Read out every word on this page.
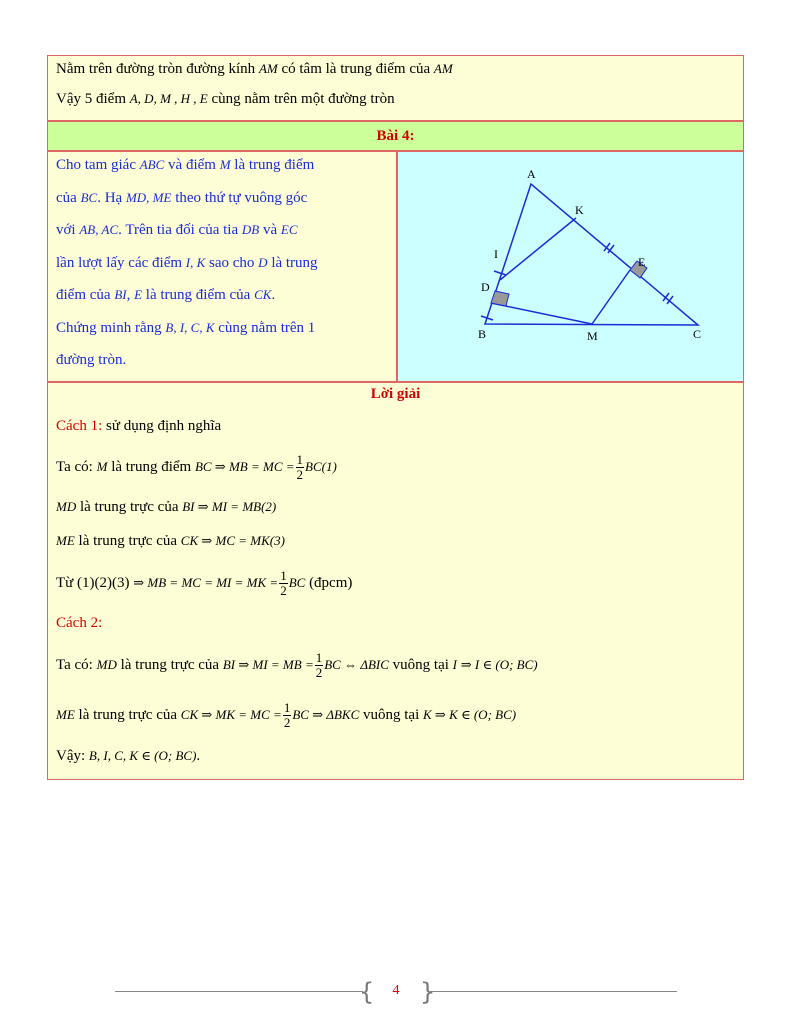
Nằm trên đường tròn đường kính AM có tâm là trung điểm của AM
Vậy 5 điểm A, D, M , H , E cùng nằm trên một đường tròn
Bài 4:
Cho tam giác ABC và điểm M là trung điểm
của BC. Hạ MD, ME theo thứ tự vuông góc
với AB, AC. Trên tia đối của tia DB và EC
lần lượt lấy các điểm I, K sao cho D là trung
điểm của BI, E là trung điểm của CK.
Chứng minh rằng B, I, C, K cùng nằm trên 1
đường tròn.
A
K
I
E
D
B	M	C
Lời giải
Cách 1: sử dụng định nghĩa
Ta có: M là trung điểm BC ⇒ MB = MC = $\frac{1}{2} BC(1)$
MD là trung trực của BI ⇒ MI = MB(2)
ME là trung trực của CK ⇒ MC = MK(3)
Từ (1)(2)(3) ⇒ MB = MC = MI = MK = $\frac{1}{2}$ BC (đpcm)
Cách 2:
Ta có: MD là trung trực của BI ⇒ MI = MB = $\frac{1}{2}$ BC ⇔ ΔBIC vuông tại I ⇒ I ∈ (O; BC)
ME là trung trực của CK ⇒ MK = MC = $\frac{1}{2}$ BC ⇒ ΔBKC vuông tại K ⇒ K ∈ (O; BC)
Vậy: B, I, C, K ∈ (O; BC).
{ }
4
